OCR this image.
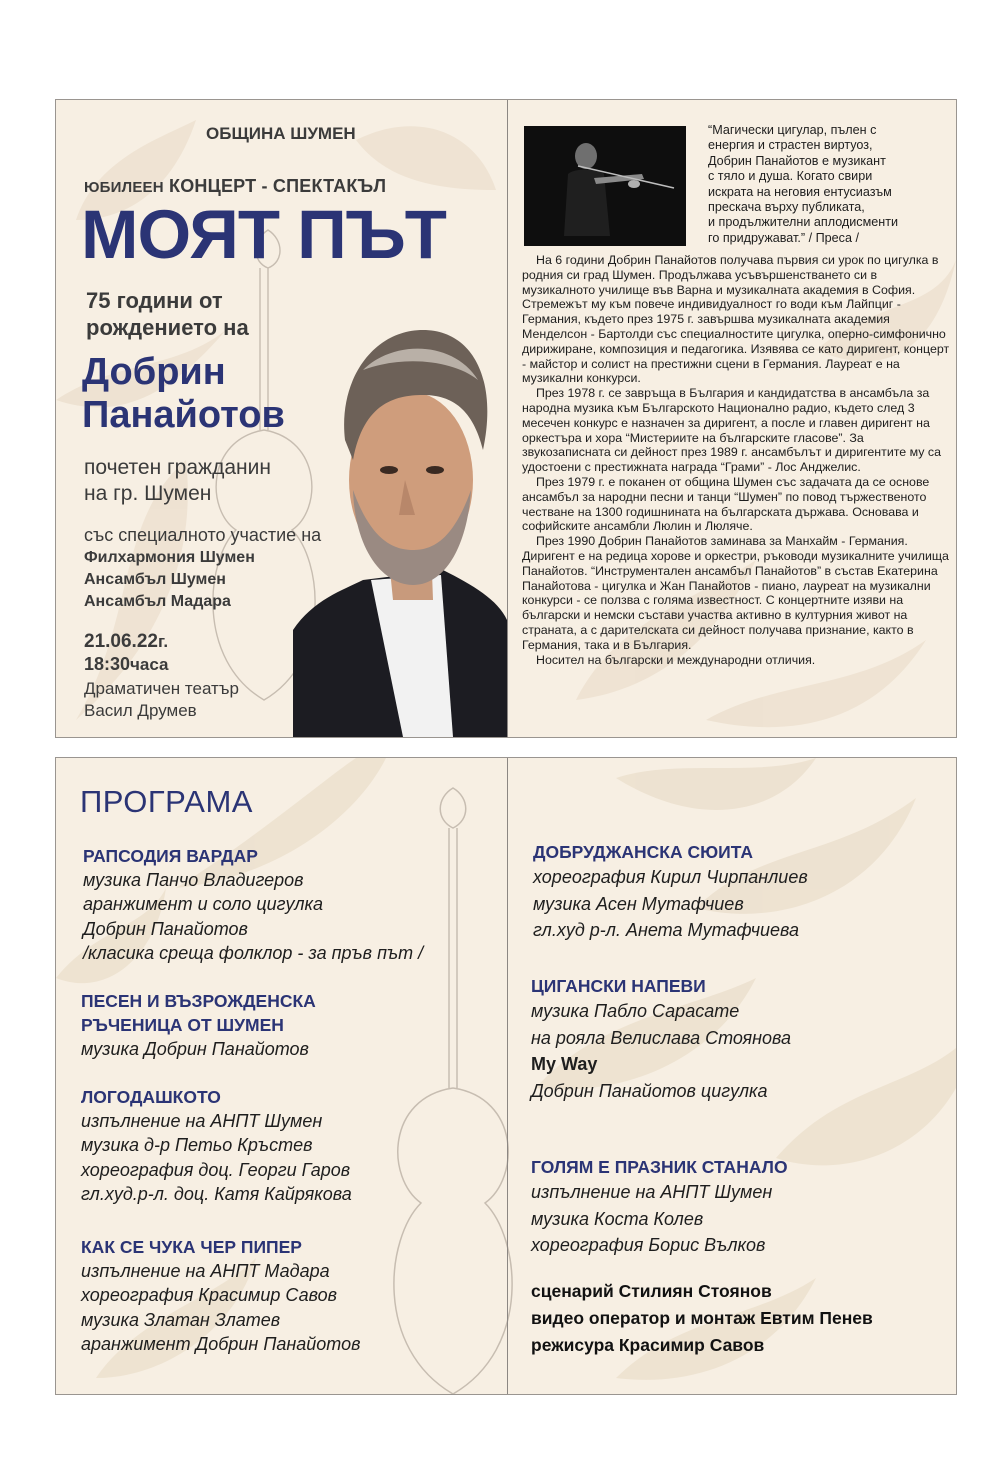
ОБЩИНА ШУМЕН

ЮБИЛЕЕН КОНЦЕРТ - СПЕКТАКЪЛ

МОЯТ ПЪТ

75 години от
рождението на
Добрин
Панайотов
почетен гражданин
на гр. Шумен

със специалното участие на

Филхармония Шумен
Ансамбъл Шумен
Ансамбъл Мадара
21.06.22г.
18:30часа
Драматичен театър
Васил Друмев
“Магически цигулар, пълен с
енергия и страстен виртуоз,
Добрин Панайотов е музикант
с тяло и душа. Когато свири
искрата на неговия ентусиазъм
прескача върху публиката,
и продължителни аплодисменти
го придружават.” / Преса /

На 6 години Добрин Панайотов получава първия си урок по цигулка в родния си град Шумен. Продължава усъвършенстването си в музикалното училище във Варна и музикалната академия в София. Стремежът му към повече индивидуалност го води към Лайпциг - Германия, където през 1975 г. завършва музикалната академия Менделсон - Бартолди със специалностите цигулка, оперно-симфонично дирижиране, композиция и педагогика. Изявява се като диригент, концерт - майстор и солист на престижни сцени в Германия. Лауреат е на музикални конкурси.

През 1978 г. се завръща в България и кандидатства в ансамбъла за народна музика към Българското Национално радио, където след 3 месечен конкурс е назначен за диригент, а после и главен диригент на оркестъра и хора “Мистериите на българските гласове”. За звукозаписната си дейност през 1989 г. ансамбълът и диригентите му са удостоени с престижната награда “Грами” - Лос Анджелис.

През 1979 г. е поканен от община Шумен със задачата да се основе ансамбъл за народни песни и танци “Шумен” по повод тържественото честване на 1300 годишнината на българската държава. Основава и софийските ансамбли Люлин и Люляче.

През 1990 Добрин Панайотов заминава за Манхайм - Германия. Диригент е на редица хорове и оркестри, ръководи музикалните училища Панайотов. “Инструментален ансамбъл Панайотов” в състав Екатерина Панайотова - цигулка и Жан Панайотов - пиано, лауреат на музикални конкурси - се ползва с голяма известност. С концертните изяви на български и немски състави участва активно в културния живот на страната, а с дарителската си дейност получава признание, както в Германия, така и в България.

Носител на български и международни отличия.

ПРОГРАМА

РАПСОДИЯ ВАРДАР
музика Панчо Владигеров
аранжимент и соло цигулка
Добрин Панайотов
/класика среща фолклор - за пръв път /
ПЕСЕН И ВЪЗРОЖДЕНСКА
РЪЧЕНИЦА ОТ ШУМЕН
музика Добрин Панайотов
ЛОГОДАШКОТО
изпълнение на АНПТ Шумен
музика д-р Петьо Кръстев
хореография доц. Георги Гаров
гл.худ.р-л. доц. Катя Кайрякова
КАК СЕ ЧУКА ЧЕР ПИПЕР
изпълнение на АНПТ Мадара
хореография Красимир Савов
музика Златан Златев
аранжимент Добрин Панайотов
ДОБРУДЖАНСКА СЮИТА
хореография Кирил Чирпанлиев
музика Асен Мутафчиев
гл.худ р-л. Анета Мутафчиева
ЦИГАНСКИ НАПЕВИ
музика Пабло Сарасате
на рояла Велислава Стоянова
My Way
Добрин Панайотов цигулка
ГОЛЯМ Е ПРАЗНИК СТАНАЛО
изпълнение на АНПТ Шумен
музика Коста Колев
хореография Борис Вълков
сценарий Стилиян Стоянов
видео оператор и монтаж Евтим Пенев
режисура Красимир Савов
